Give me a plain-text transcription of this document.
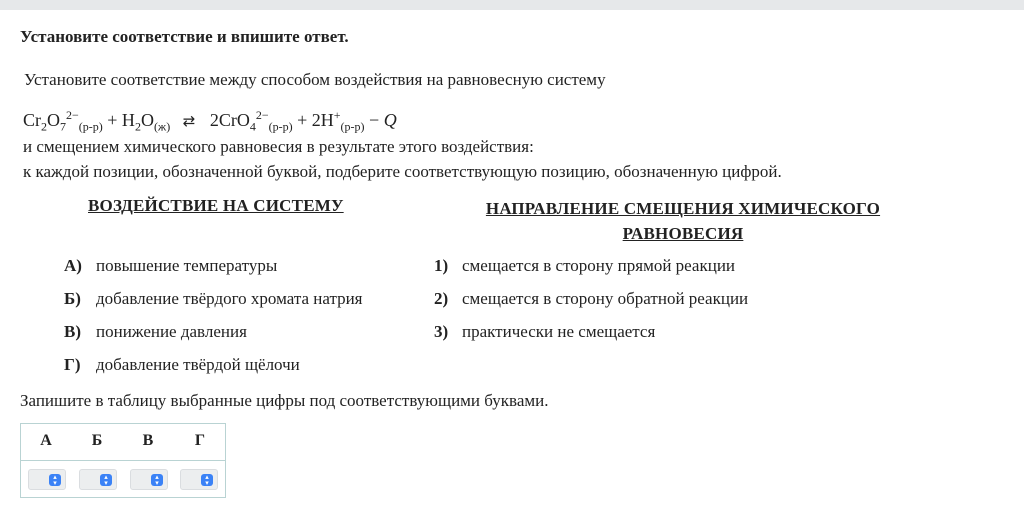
Установите соответствие и впишите ответ.
Установите соответствие между способом воздействия на равновесную систему
$Cr_2O_7^{2-}_{(р-р)} + H_2O_{(ж)}$ ⇄ $2CrO_4^{2-}_{(р-р)} + 2H^+_{(р-р)} - Q$
и смещением химического равновесия в результате этого воздействия:
к каждой позиции, обозначенной буквой, подберите соответствующую позицию, обозначенную цифрой.
ВОЗДЕЙСТВИЕ НА СИСТЕМУ	НАПРАВЛЕНИЕ СМЕЩЕНИЯ ХИМИЧЕСКОГО РАВНОВЕСИЯ
А) повышение температуры
Б) добавление твёрдого хромата натрия
В) понижение давления
Г) добавление твёрдой щёлочи
1) смещается в сторону прямой реакции
2) смещается в сторону обратной реакции
3) практически не смещается
Запишите в таблицу выбранные цифры под соответствующими буквами.
А	Б	В	Г
▴
▾
▴
▾
▴
▾
▴
▾
